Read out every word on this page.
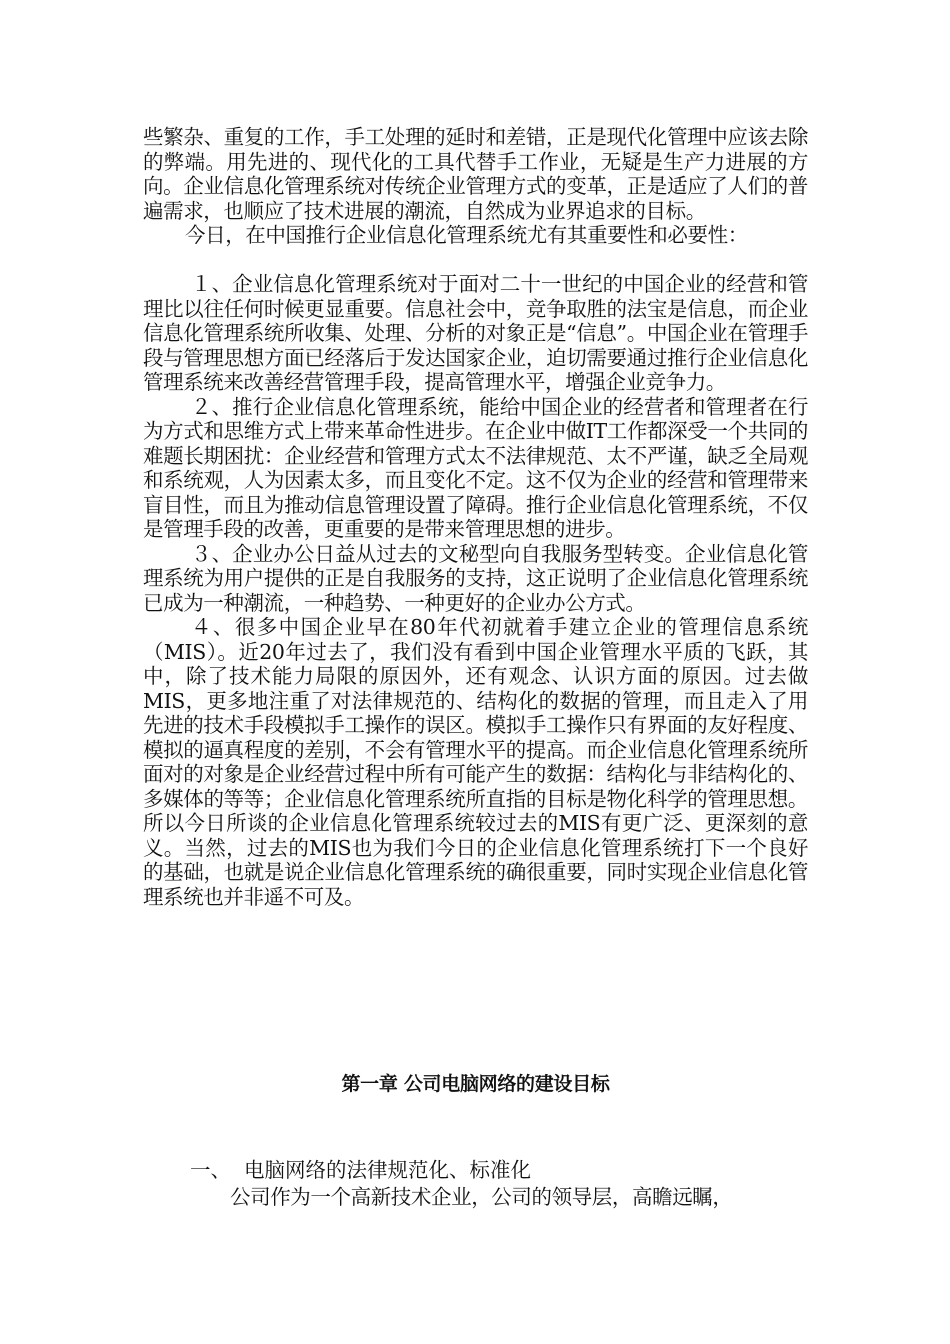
些繁杂、重复的工作，手工处理的延时和差错，正是现代化管理中应该去除的弊端。用先进的、现代化的工具代替手工作业，无疑是生产力进展的方向。企业信息化管理系统对传统企业管理方式的变革，正是适应了人们的普遍需求，也顺应了技术进展的潮流，自然成为业界追求的目标。

今日，在中国推行企业信息化管理系统尤有其重要性和必要性：

１、企业信息化管理系统对于面对二十一世纪的中国企业的经营和管理比以往任何时候更显重要。信息社会中，竞争取胜的法宝是信息，而企业信息化管理系统所收集、处理、分析的对象正是“信息”。中国企业在管理手段与管理思想方面已经落后于发达国家企业，迫切需要通过推行企业信息化管理系统来改善经营管理手段，提高管理水平，增强企业竞争力。

２、推行企业信息化管理系统，能给中国企业的经营者和管理者在行为方式和思维方式上带来革命性进步。在企业中做IT工作都深受一个共同的难题长期困扰：企业经营和管理方式太不法律规范、太不严谨，缺乏全局观和系统观，人为因素太多，而且变化不定。这不仅为企业的经营和管理带来盲目性，而且为推动信息管理设置了障碍。推行企业信息化管理系统，不仅是管理手段的改善，更重要的是带来管理思想的进步。

３、企业办公日益从过去的文秘型向自我服务型转变。企业信息化管理系统为用户提供的正是自我服务的支持，这正说明了企业信息化管理系统已成为一种潮流，一种趋势、一种更好的企业办公方式。

４、很多中国企业早在80年代初就着手建立企业的管理信息系统（MIS）。近20年过去了，我们没有看到中国企业管理水平质的飞跃，其中，除了技术能力局限的原因外，还有观念、认识方面的原因。过去做MIS，更多地注重了对法律规范的、结构化的数据的管理，而且走入了用先进的技术手段模拟手工操作的误区。模拟手工操作只有界面的友好程度、模拟的逼真程度的差别，不会有管理水平的提高。而企业信息化管理系统所面对的对象是企业经营过程中所有可能产生的数据：结构化与非结构化的、多媒体的等等；企业信息化管理系统所直指的目标是物化科学的管理思想。所以今日所谈的企业信息化管理系统较过去的MIS有更广泛、更深刻的意义。当然，过去的MIS也为我们今日的企业信息化管理系统打下一个良好的基础，也就是说企业信息化管理系统的确很重要，同时实现企业信息化管理系统也并非遥不可及。

第一章 公司电脑网络的建设目标
一、 电脑网络的法律规范化、标准化
公司作为一个高新技术企业，公司的领导层，高瞻远瞩，
